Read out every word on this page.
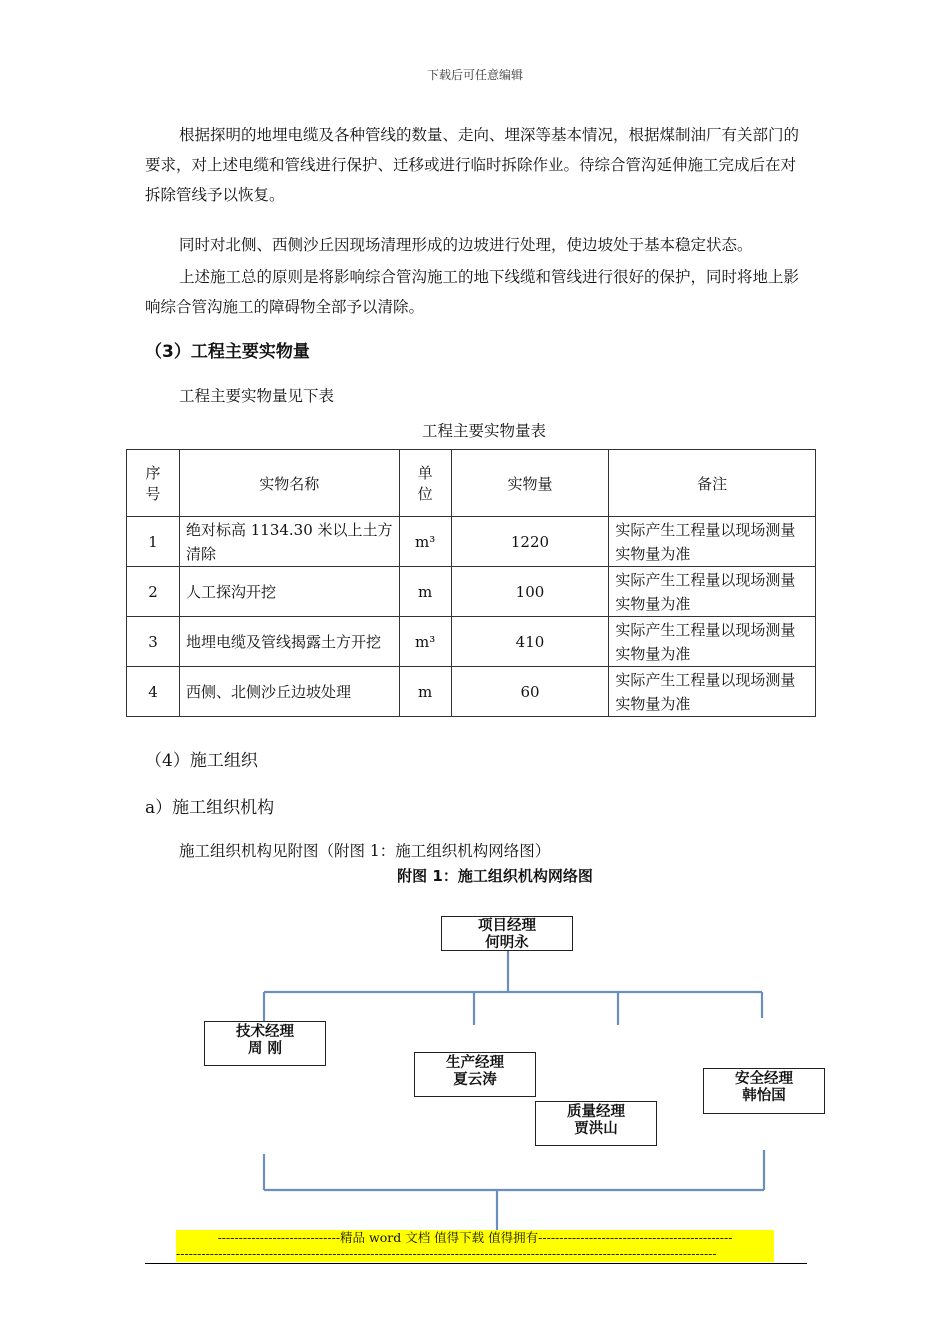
下载后可任意编辑
根据探明的地埋电缆及各种管线的数量、走向、埋深等基本情况，根据煤制油厂有关部门的要求，对上述电缆和管线进行保护、迁移或进行临时拆除作业。待综合管沟延伸施工完成后在对拆除管线予以恢复。
同时对北侧、西侧沙丘因现场清理形成的边坡进行处理，使边坡处于基本稳定状态。
上述施工总的原则是将影响综合管沟施工的地下线缆和管线进行很好的保护，同时将地上影响综合管沟施工的障碍物全部予以清除。
（3）工程主要实物量
工程主要实物量见下表
工程主要实物量表
序号	实物名称	单位	实物量	备注
1	绝对标高 1134.30 米以上土方清除	m³	1220	实际产生工程量以现场测量实物量为准
2	人工探沟开挖	m	100	实际产生工程量以现场测量实物量为准
3	地埋电缆及管线揭露土方开挖	m³	410	实际产生工程量以现场测量实物量为准
4	西侧、北侧沙丘边坡处理	m	60	实际产生工程量以现场测量实物量为准
（4）施工组织
a）施工组织机构
施工组织机构见附图（附图 1：施工组织机构网络图）
附图 1：施工组织机构网络图
项目经理
何明永
技术经理
周 刚
生产经理
夏云涛
质量经理
贾洪山
安全经理
韩怡国
-----------------------------精品 word 文档 值得下载 值得拥有----------------------------------------------
--------------------------------------------------------------------------------------------------------------------------------
